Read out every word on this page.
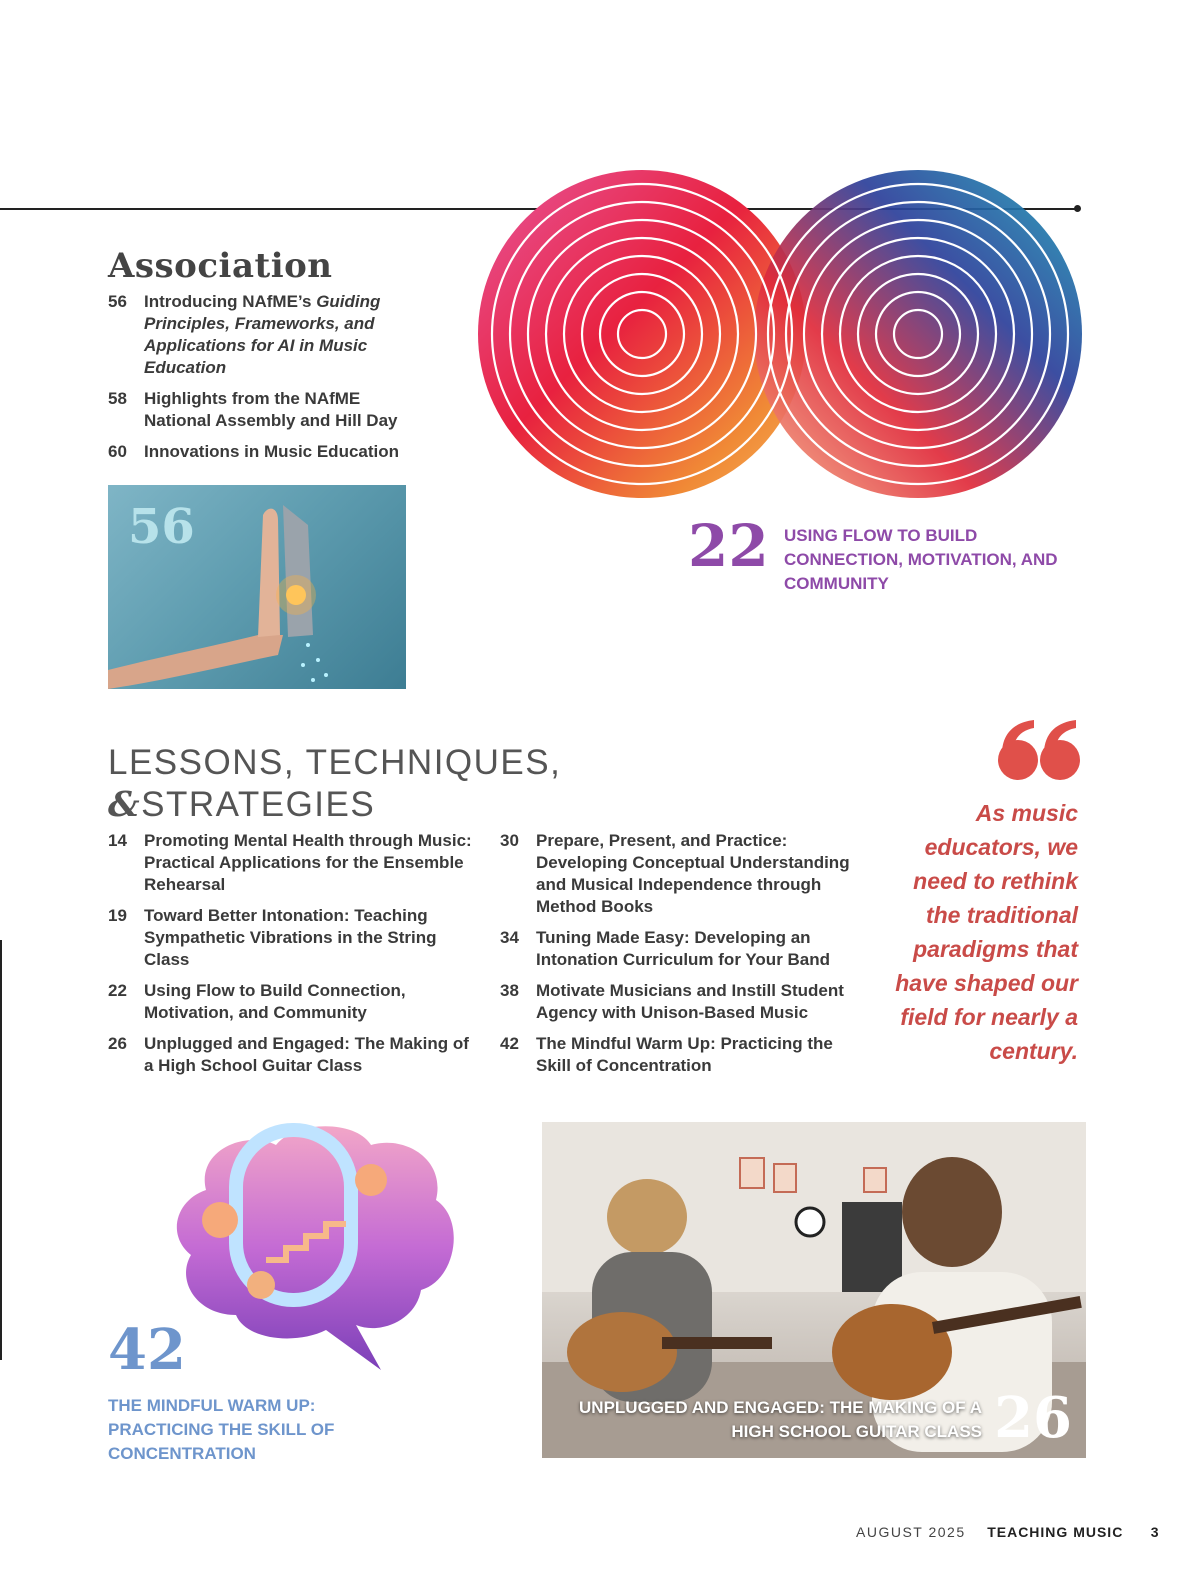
Association
56	Introducing NAfME’s Guiding Principles, Frameworks, and Applications for AI in Music Education
58	Highlights from the NAfME National Assembly and Hill Day
60	Innovations in Music Education
56	22 USING FLOW TO BUILD CONNECTION, MOTIVATION, AND COMMUNITY
LESSONS, TECHNIQUES,
&STRATEGIES
14	Promoting Mental Health through Music: Practical Applications for the Ensemble Rehearsal
19	Toward Better Intonation: Teaching Sympathetic Vibrations in the String Class
22	Using Flow to Build Connection, Motivation, and Community
26	Unplugged and Engaged: The Making of a High School Guitar Class
30	Prepare, Present, and Practice: Developing Conceptual Understanding and Musical Independence through Method Books
34	Tuning Made Easy: Developing an Intonation Curriculum for Your Band
38	Motivate Musicians and Instill Student Agency with Unison-Based Music
42	The Mindful Warm Up: Practicing the Skill of Concentration
As music educators, we need to rethink the traditional paradigms that have shaped our field for nearly a century.
42
THE MINDFUL WARM UP: PRACTICING THE SKILL OF CONCENTRATION
UNPLUGGED AND ENGAGED: THE MAKING OF A HIGH SCHOOL GUITAR CLASS 26
AUGUST 2025 TEACHING MUSIC 3
